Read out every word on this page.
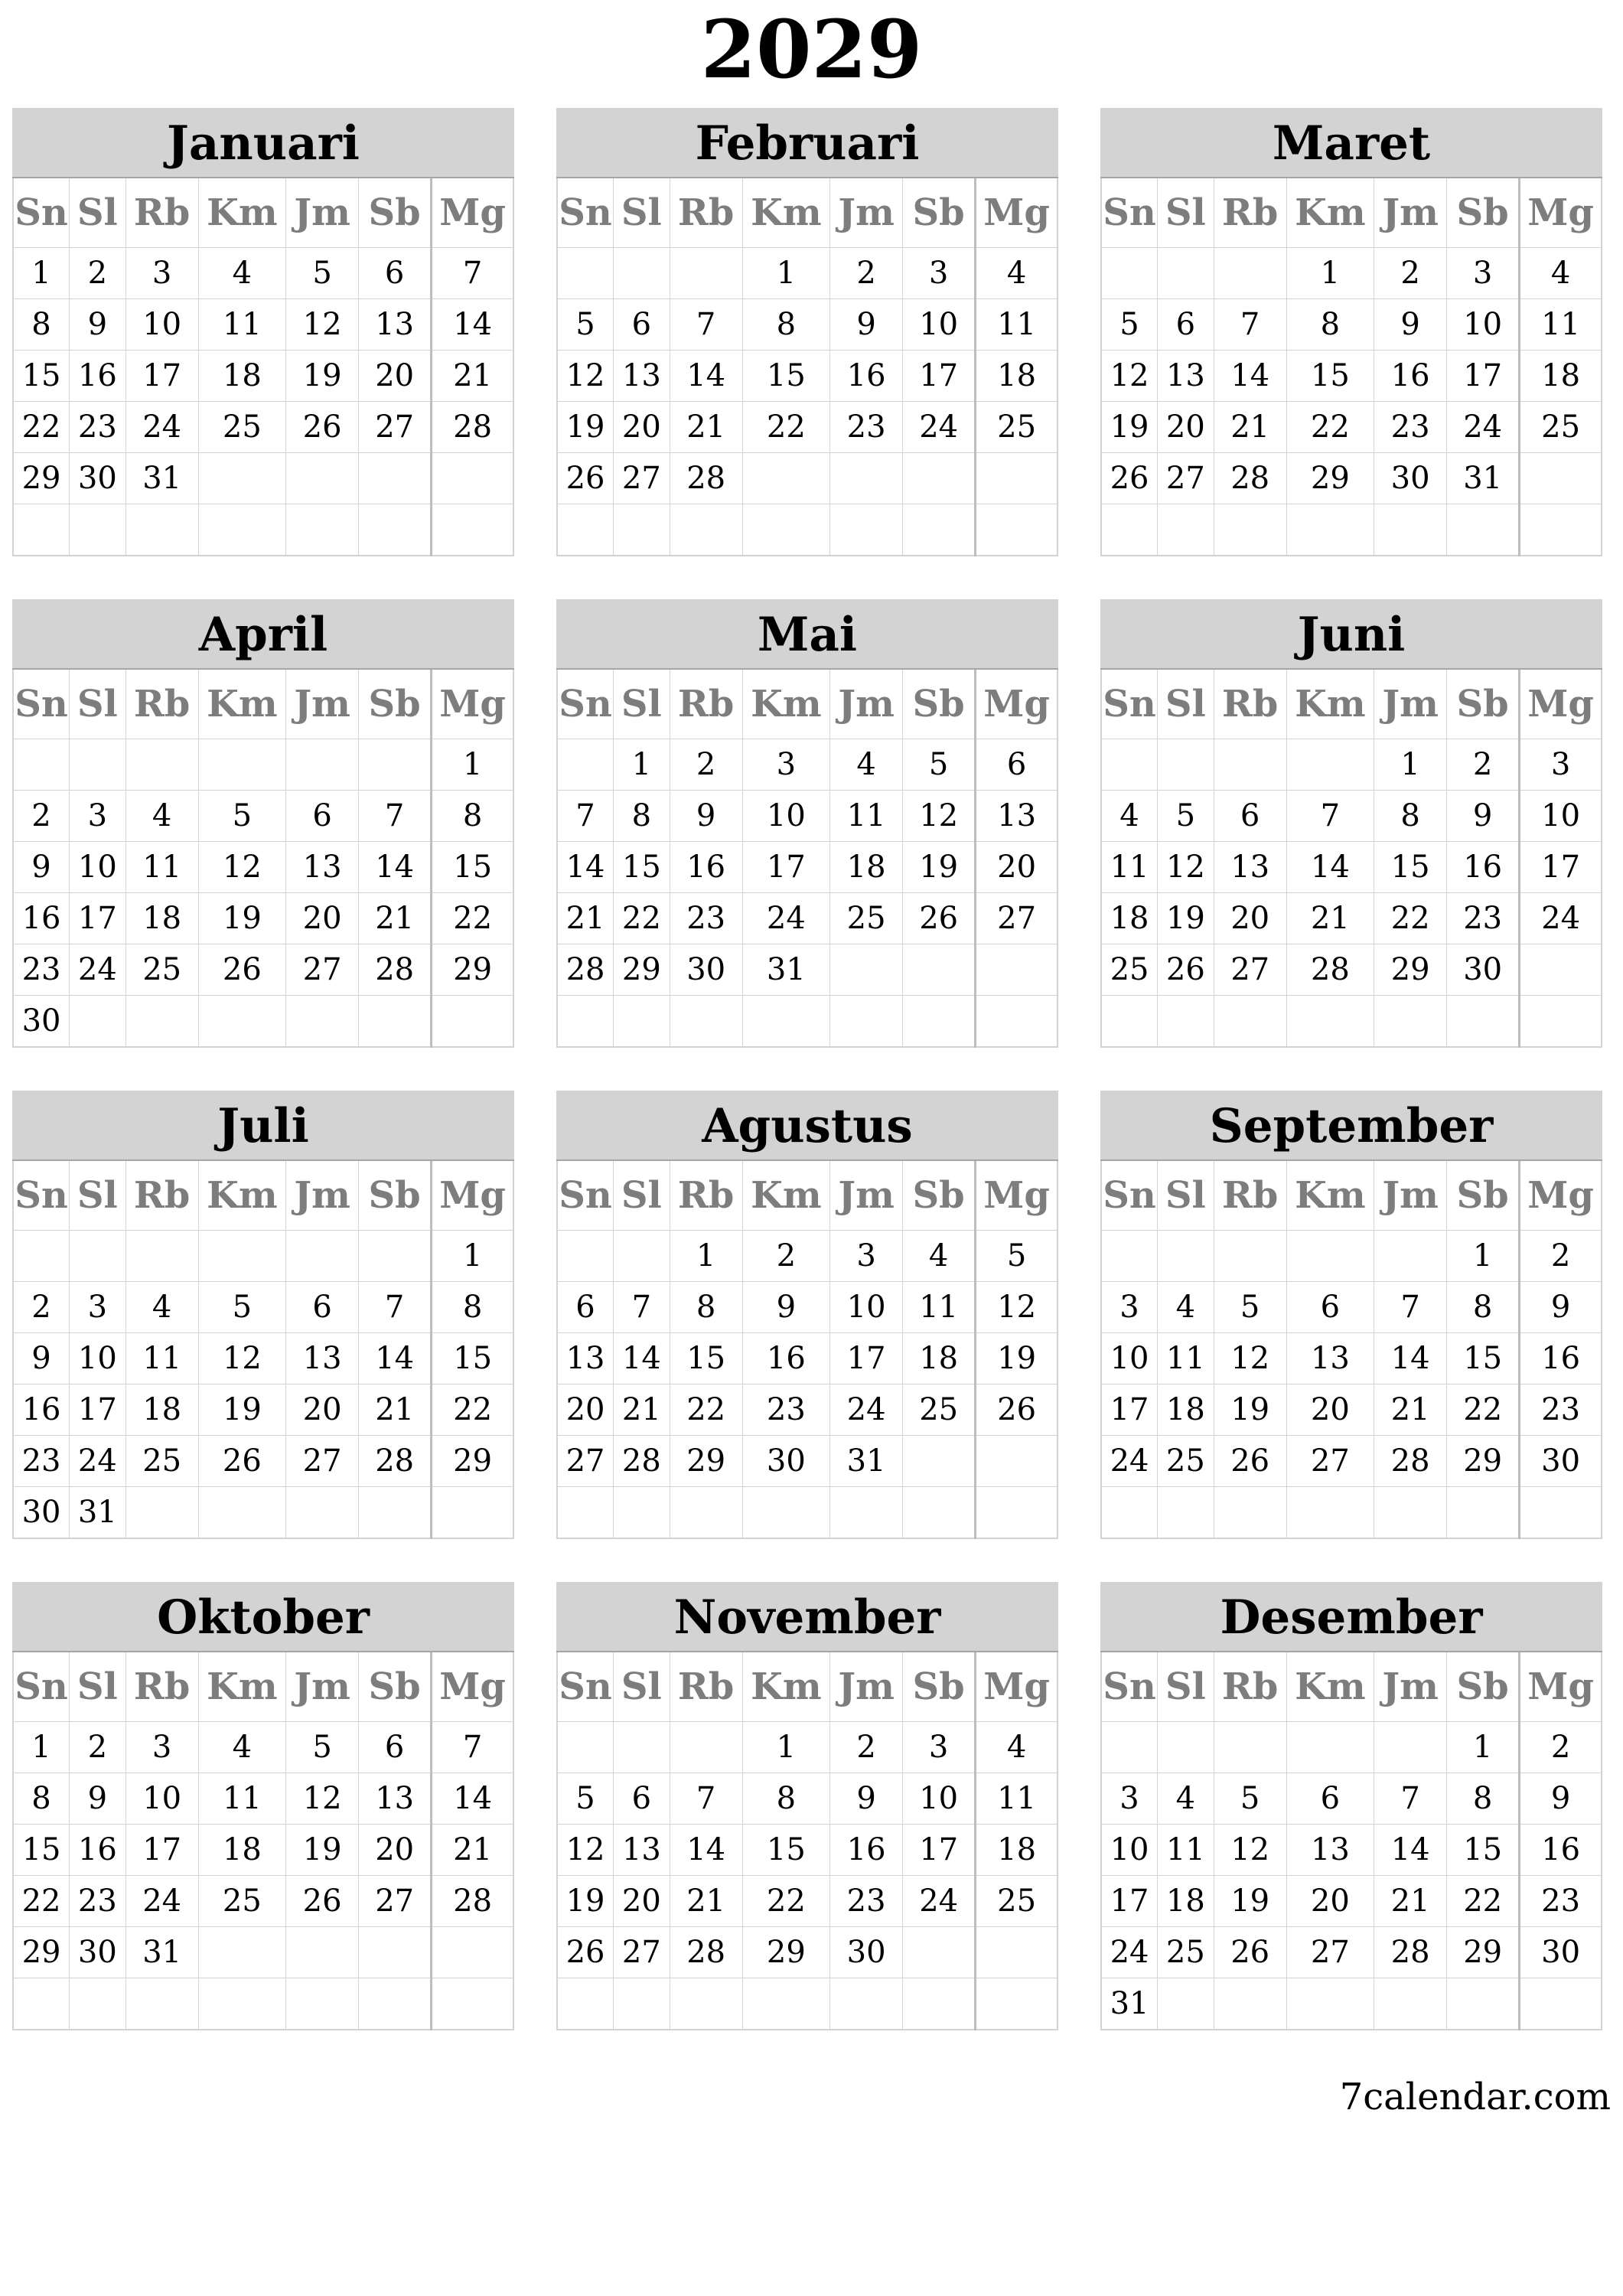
2029
Januari
Sn	Sl	Rb	Km	Jm	Sb	Mg
1	2	3	4	5	6	7
8	9	10	11	12	13	14
15	16	17	18	19	20	21
22	23	24	25	26	27	28
29	30	31				

Februari
Sn	Sl	Rb	Km	Jm	Sb	Mg
			1	2	3	4
5	6	7	8	9	10	11
12	13	14	15	16	17	18
19	20	21	22	23	24	25
26	27	28				

Maret
Sn	Sl	Rb	Km	Jm	Sb	Mg
			1	2	3	4
5	6	7	8	9	10	11
12	13	14	15	16	17	18
19	20	21	22	23	24	25
26	27	28	29	30	31	

April
Sn	Sl	Rb	Km	Jm	Sb	Mg
						1
2	3	4	5	6	7	8
9	10	11	12	13	14	15
16	17	18	19	20	21	22
23	24	25	26	27	28	29
30						
Mai
Sn	Sl	Rb	Km	Jm	Sb	Mg
	1	2	3	4	5	6
7	8	9	10	11	12	13
14	15	16	17	18	19	20
21	22	23	24	25	26	27
28	29	30	31			

Juni
Sn	Sl	Rb	Km	Jm	Sb	Mg
				1	2	3
4	5	6	7	8	9	10
11	12	13	14	15	16	17
18	19	20	21	22	23	24
25	26	27	28	29	30	

Juli
Sn	Sl	Rb	Km	Jm	Sb	Mg
						1
2	3	4	5	6	7	8
9	10	11	12	13	14	15
16	17	18	19	20	21	22
23	24	25	26	27	28	29
30	31					
Agustus
Sn	Sl	Rb	Km	Jm	Sb	Mg
		1	2	3	4	5
6	7	8	9	10	11	12
13	14	15	16	17	18	19
20	21	22	23	24	25	26
27	28	29	30	31		

September
Sn	Sl	Rb	Km	Jm	Sb	Mg
					1	2
3	4	5	6	7	8	9
10	11	12	13	14	15	16
17	18	19	20	21	22	23
24	25	26	27	28	29	30

Oktober
Sn	Sl	Rb	Km	Jm	Sb	Mg
1	2	3	4	5	6	7
8	9	10	11	12	13	14
15	16	17	18	19	20	21
22	23	24	25	26	27	28
29	30	31				

November
Sn	Sl	Rb	Km	Jm	Sb	Mg
			1	2	3	4
5	6	7	8	9	10	11
12	13	14	15	16	17	18
19	20	21	22	23	24	25
26	27	28	29	30		

Desember
Sn	Sl	Rb	Km	Jm	Sb	Mg
					1	2
3	4	5	6	7	8	9
10	11	12	13	14	15	16
17	18	19	20	21	22	23
24	25	26	27	28	29	30
31						
7calendar.com
